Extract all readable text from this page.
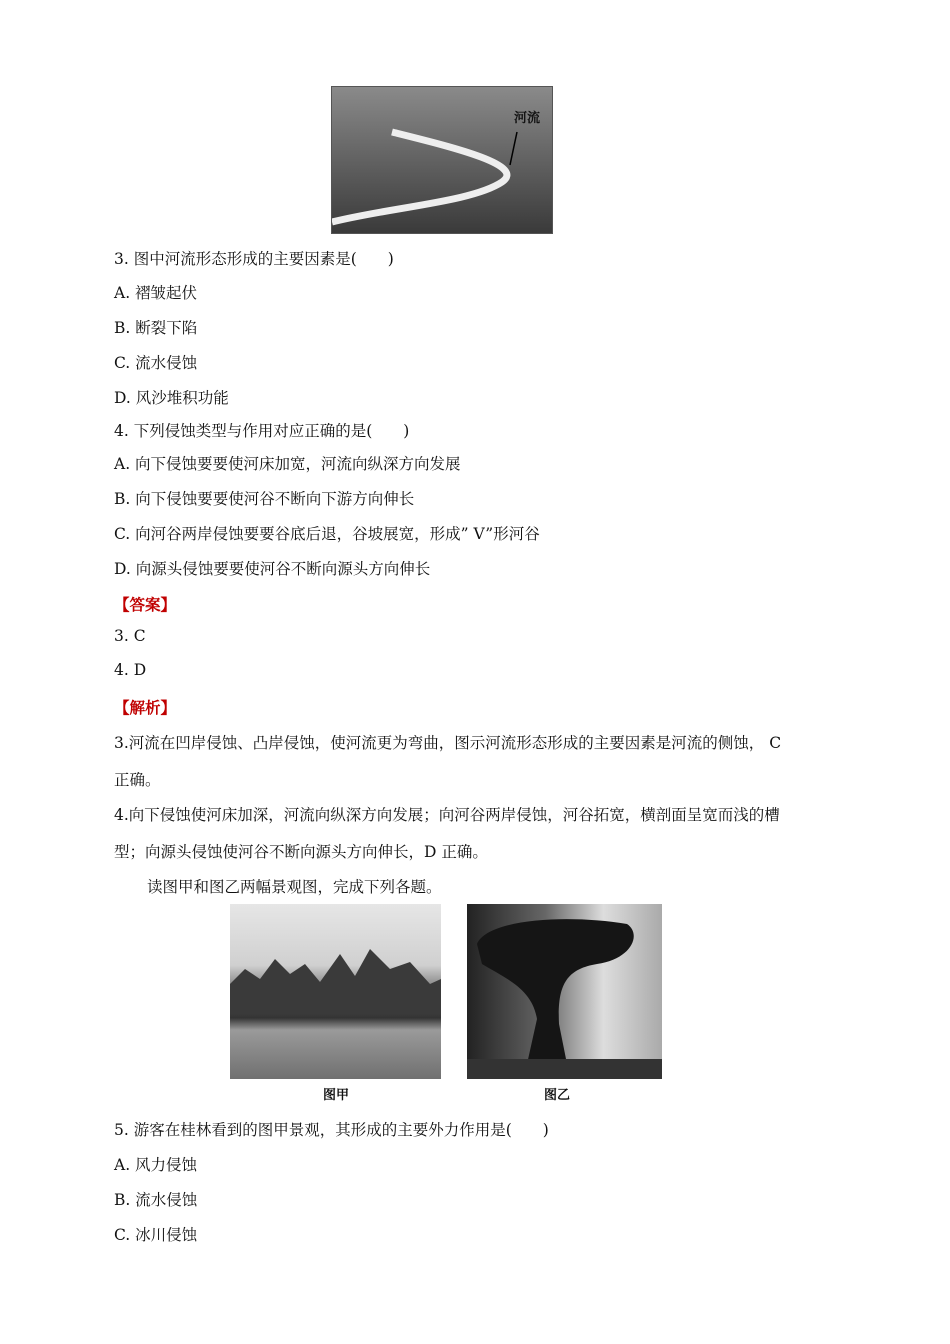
河流
3. 图中河流形态形成的主要因素是(　　)
A. 褶皱起伏
B. 断裂下陷
C. 流水侵蚀
D. 风沙堆积功能
4. 下列侵蚀类型与作用对应正确的是(　　)
A. 向下侵蚀要要使河床加宽，河流向纵深方向发展
B. 向下侵蚀要要使河谷不断向下游方向伸长
C. 向河谷两岸侵蚀要要谷底后退，谷坡展宽，形成” V”形河谷
D. 向源头侵蚀要要使河谷不断向源头方向伸长
【答案】
3. C
4. D
【解析】
3.河流在凹岸侵蚀、凸岸侵蚀，使河流更为弯曲，图示河流形态形成的主要因素是河流的侧蚀， C
正确。
4.向下侵蚀使河床加深，河流向纵深方向发展；向河谷两岸侵蚀，河谷拓宽，横剖面呈宽而浅的槽
型；向源头侵蚀使河谷不断向源头方向伸长，D 正确。
读图甲和图乙两幅景观图，完成下列各题。
图甲	图乙
5. 游客在桂林看到的图甲景观，其形成的主要外力作用是(　　)
A. 风力侵蚀
B. 流水侵蚀
C. 冰川侵蚀
